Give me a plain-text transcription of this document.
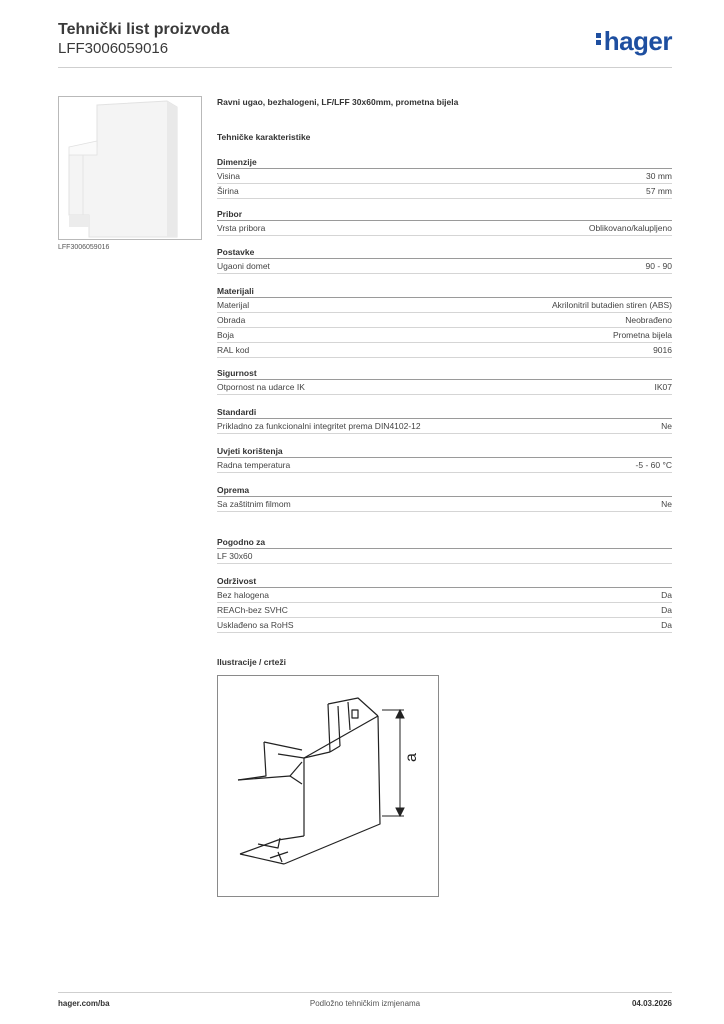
Tehnički list proizvoda
LFF3006059016	hager
LFF3006059016
Ravni ugao, bezhalogeni, LF/LFF 30x60mm, prometna bijela
Tehničke karakteristike
Dimenzije
Visina	30 mm
Širina	57 mm
Pribor
Vrsta pribora	Oblikovano/kalupljeno
Postavke
Ugaoni domet	90 - 90
Materijali
Materijal	Akrilonitril butadien stiren (ABS)
Obrada	Neobrađeno
Boja	Prometna bijela
RAL kod	9016
Sigurnost
Otpornost na udarce IK	IK07
Standardi
Prikladno za funkcionalni integritet prema DIN4102-12	Ne
Uvjeti korištenja
Radna temperatura	-5 - 60 °C
Oprema
Sa zaštitnim filmom	Ne
Pogodno za
LF 30x60
Održivost
Bez halogena	Da
REACh-bez SVHC	Da
Usklađeno sa RoHS	Da
Ilustracije / crteži
a
hager.com/ba	Podložno tehničkim izmjenama	04.03.2026
